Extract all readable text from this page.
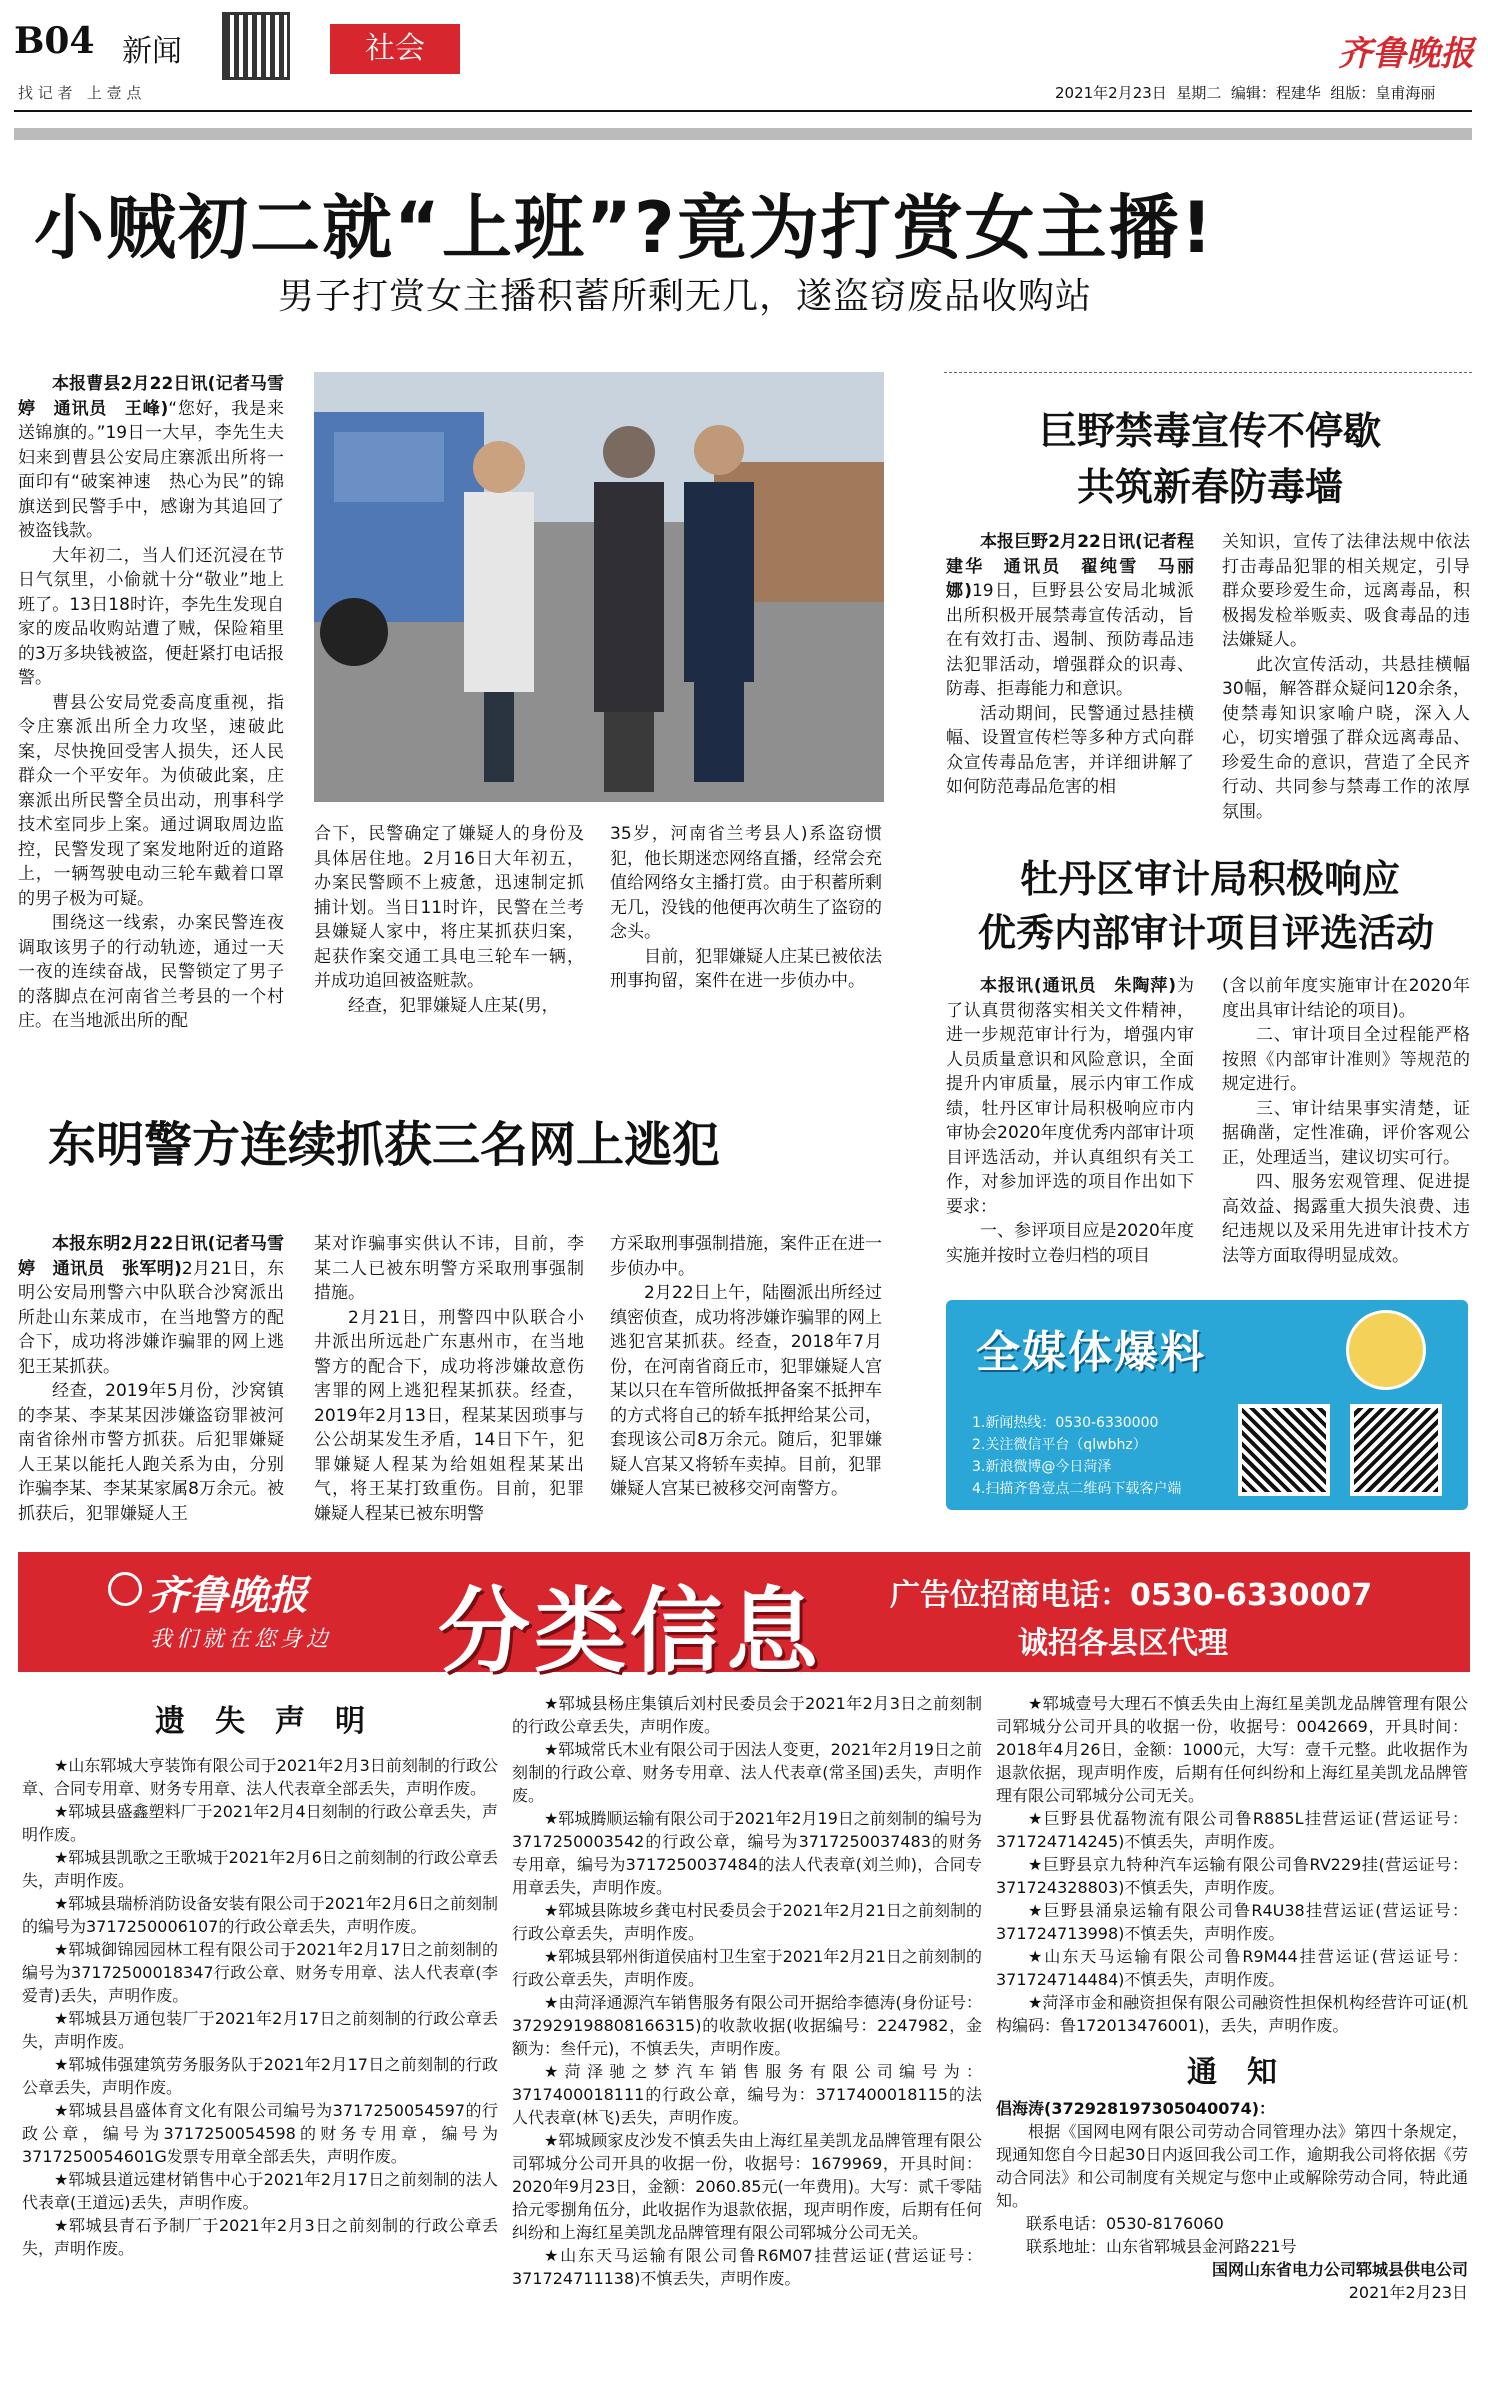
B04 新闻
找 记 者   上 壹 点
社会	齐鲁晚报
2021年2月23日  星期二  编辑：程建华  组版：皇甫海丽
小贼初二就“上班”?竟为打赏女主播!
男子打赏女主播积蓄所剩无几，遂盗窃废品收购站

本报曹县2月22日讯(记者马雪婷　通讯员　王峰)“您好，我是来送锦旗的。”19日一大早，李先生夫妇来到曹县公安局庄寨派出所将一面印有“破案神速　热心为民”的锦旗送到民警手中，感谢为其追回了被盗钱款。

大年初二，当人们还沉浸在节日气氛里，小偷就十分“敬业”地上班了。13日18时许，李先生发现自家的废品收购站遭了贼，保险箱里的3万多块钱被盗，便赶紧打电话报警。

曹县公安局党委高度重视，指令庄寨派出所全力攻坚，速破此案，尽快挽回受害人损失，还人民群众一个平安年。为侦破此案，庄寨派出所民警全员出动，刑事科学技术室同步上案。通过调取周边监控，民警发现了案发地附近的道路上，一辆驾驶电动三轮车戴着口罩的男子极为可疑。

围绕这一线索，办案民警连夜调取该男子的行动轨迹，通过一天一夜的连续奋战，民警锁定了男子的落脚点在河南省兰考县的一个村庄。在当地派出所的配

合下，民警确定了嫌疑人的身份及具体居住地。2月16日大年初五，办案民警顾不上疲惫，迅速制定抓捕计划。当日11时许，民警在兰考县嫌疑人家中，将庄某抓获归案，起获作案交通工具电三轮车一辆，并成功追回被盗赃款。

经查，犯罪嫌疑人庄某(男，

35岁，河南省兰考县人)系盗窃惯犯，他长期迷恋网络直播，经常会充值给网络女主播打赏。由于积蓄所剩无几，没钱的他便再次萌生了盗窃的念头。

目前，犯罪嫌疑人庄某已被依法刑事拘留，案件在进一步侦办中。

巨野禁毒宣传不停歇
共筑新春防毒墙

本报巨野2月22日讯(记者程建华　通讯员　翟纯雪　马丽娜)19日，巨野县公安局北城派出所积极开展禁毒宣传活动，旨在有效打击、遏制、预防毒品违法犯罪活动，增强群众的识毒、防毒、拒毒能力和意识。

活动期间，民警通过悬挂横幅、设置宣传栏等多种方式向群众宣传毒品危害，并详细讲解了如何防范毒品危害的相

关知识，宣传了法律法规中依法打击毒品犯罪的相关规定，引导群众要珍爱生命，远离毒品，积极揭发检举贩卖、吸食毒品的违法嫌疑人。

此次宣传活动，共悬挂横幅30幅，解答群众疑问120余条，使禁毒知识家喻户晓，深入人心，切实增强了群众远离毒品、珍爱生命的意识，营造了全民齐行动、共同参与禁毒工作的浓厚氛围。

牡丹区审计局积极响应
优秀内部审计项目评选活动

本报讯(通讯员　朱陶萍)为了认真贯彻落实相关文件精神，进一步规范审计行为，增强内审人员质量意识和风险意识，全面提升内审质量，展示内审工作成绩，牡丹区审计局积极响应市内审协会2020年度优秀内部审计项目评选活动，并认真组织有关工作，对参加评选的项目作出如下要求：

一、参评项目应是2020年度实施并按时立卷归档的项目

(含以前年度实施审计在2020年度出具审计结论的项目)。

二、审计项目全过程能严格按照《内部审计准则》等规范的规定进行。

三、审计结果事实清楚，证据确凿，定性准确，评价客观公正，处理适当，建议切实可行。

四、服务宏观管理、促进提高效益、揭露重大损失浪费、违纪违规以及采用先进审计技术方法等方面取得明显成效。

东明警方连续抓获三名网上逃犯

本报东明2月22日讯(记者马雪婷　通讯员　张军明)2月21日，东明公安局刑警六中队联合沙窝派出所赴山东莱成市，在当地警方的配合下，成功将涉嫌诈骗罪的网上逃犯王某抓获。

经查，2019年5月份，沙窝镇的李某、李某某因涉嫌盗窃罪被河南省徐州市警方抓获。后犯罪嫌疑人王某以能托人跑关系为由，分别诈骗李某、李某某家属8万余元。被抓获后，犯罪嫌疑人王

某对诈骗事实供认不讳，目前，李某二人已被东明警方采取刑事强制措施。

2月21日，刑警四中队联合小井派出所远赴广东惠州市，在当地警方的配合下，成功将涉嫌故意伤害罪的网上逃犯程某抓获。经查，2019年2月13日，程某某因琐事与公公胡某发生矛盾，14日下午，犯罪嫌疑人程某为给姐姐程某某出气，将王某打致重伤。目前，犯罪嫌疑人程某已被东明警

方采取刑事强制措施，案件正在进一步侦办中。

2月22日上午，陆圈派出所经过缜密侦查，成功将涉嫌诈骗罪的网上逃犯宫某抓获。经查，2018年7月份，在河南省商丘市，犯罪嫌疑人宫某以只在车管所做抵押备案不抵押车的方式将自己的轿车抵押给某公司，套现该公司8万余元。随后，犯罪嫌疑人宫某又将轿车卖掉。目前，犯罪嫌疑人宫某已被移交河南警方。

全媒体爆料
1.新闻热线：0530-6330000
2.关注微信平台（qlwbhz）
3.新浪微博@今日菏泽
4.扫描齐鲁壹点二维码下载客户端
齐鲁晚报
我们就在您身边 分类信息 广告位招商电话：0530-6330007
诚招各县区代理
遗　失　声　明
★山东郓城大亨装饰有限公司于2021年2月3日前刻制的行政公章、合同专用章、财务专用章、法人代表章全部丢失，声明作废。
★郓城县盛鑫塑料厂于2021年2月4日刻制的行政公章丢失，声明作废。
★郓城县凯歌之王歌城于2021年2月6日之前刻制的行政公章丢失，声明作废。
★郓城县瑞桥消防设备安装有限公司于2021年2月6日之前刻制的编号为3717250006107的行政公章丢失，声明作废。
★郓城御锦园园林工程有限公司于2021年2月17日之前刻制的编号为3717250001834​7行政公章、财务专用章、法人代表章(李爱青)丢失，声明作废。
★郓城县万通包装厂于2021年2月17日之前刻制的行政公章丢失，声明作废。
★郓城伟强建筑劳务服务队于2021年2月17日之前刻制的行政公章丢失，声明作废。
★郓城县昌盛体育文化有限公司编号为3717250054597的行政公章，编号为3717250054598的财务专用章，编号为3717250054601G发票专用章全部丢失，声明作废。
★郓城县道远建材销售中心于2021年2月17日之前刻制的法人代表章(王道远)丢失，声明作废。
★郓城县青石予制厂于2021年2月3日之前刻制的行政公章丢失，声明作废。
★郓城县杨庄集镇后刘村民委员会于2021年2月3日之前刻制的行政公章丢失，声明作废。
★郓城常氏木业有限公司于因法人变更，2021年2月19日之前刻制的行政公章、财务专用章、法人代表章(常圣国)丢失，声明作废。
★郓城腾顺运输有限公司于2021年2月19日之前刻制的编号为3717250003542的行政公章，编号为3717250037483的财务专用章，编号为3717250037484的法人代表章(刘兰帅)，合同专用章丢失，声明作废。
★郓城县陈坡乡龚屯村民委员会于2021年2月21日之前刻制的行政公章丢失，声明作废。
★郓城县郓州街道侯庙村卫生室于2021年2月21日之前刻制的行政公章丢失，声明作废。
★由菏泽通源汽车销售服务有限公司开据给李德涛(身份证号：372929198808166315)的收款收据(收据编号：2247982，金额为：叁仟元)，不慎丢失，声明作废。
★菏泽驰之梦汽车销售服务有限公司编号为：3717400018111的行政公章，编号为：3717400018115的法人代表章(林飞)丢失，声明作废。
★郓城顾家皮沙发不慎丢失由上海红星美凯龙品牌管理有限公司郓城分公司开具的收据一份，收据号：1679969，开具时间：2020年9月23日，金额：2060.85元(一年费用)。大写：贰千零陆拾元零捌角伍分，此收据作为退款依据，现声明作废，后期有任何纠纷和上海红星美凯龙品牌管理有限公司郓城分公司无关。
★山东天马运输有限公司鲁R6M07挂营运证(营运证号：371724711138)不慎丢失，声明作废。
★郓城壹号大理石不慎丢失由上海红星美凯龙品牌管理有限公司郓城分公司开具的收据一份，收据号：0042669，开具时间：2018年4月26日，金额：1000元，大写：壹千元整。此收据作为退款依据，现声明作废，后期有任何纠纷和上海红星美凯龙品牌管理有限公司郓城分公司无关。
★巨野县优磊物流有限公司鲁R885L挂营运证(营运证号：371724714245)不慎丢失，声明作废。
★巨野县京九特种汽车运输有限公司鲁RV229挂(营运证号：371724328803)不慎丢失，声明作废。
★巨野县涌泉运输有限公司鲁R4U38挂营运证(营运证号：371724713998)不慎丢失，声明作废。
★山东天马运输有限公司鲁R9M44挂营运证(营运证号：371724714484)不慎丢失，声明作废。
★菏泽市金和融资担保有限公司融资性担保机构经营许可证(机构编码：鲁172013476001)，丢失，声明作废。
通　知
倡海涛(372928197305040074)：

根据《国网电网有限公司劳动合同管理办法》第四十条规定，现通知您自今日起30日内返回我公司工作，逾期我公司将依据《劳动合同法》和公司制度有关规定与您中止或解除劳动合同，特此通知。

联系电话：0530-8176060
联系地址：山东省郓城县金河路221号
国网山东省电力公司郓城县供电公司
2021年2月23日
